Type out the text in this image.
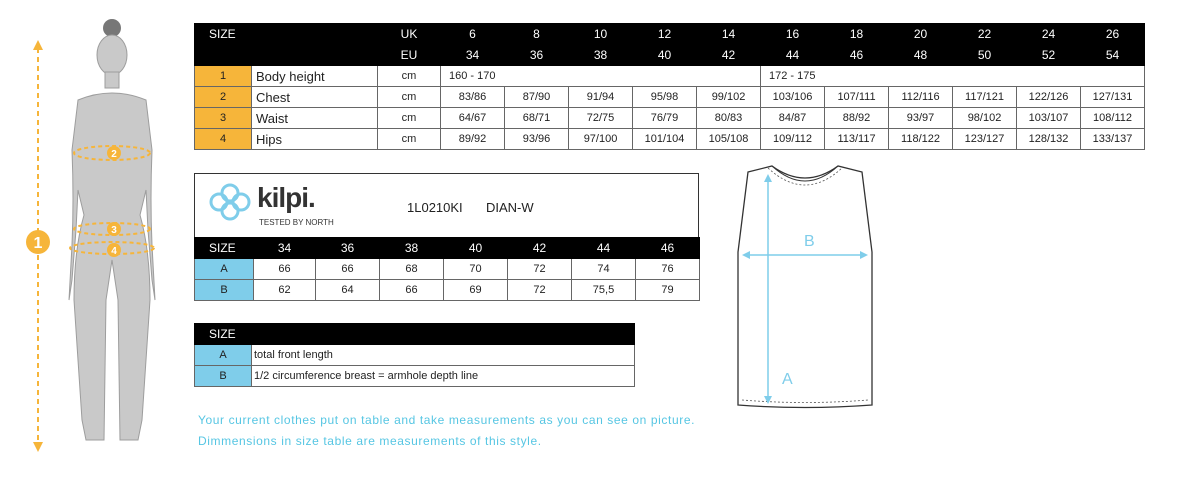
1
2
3
4
SIZE		UK	6	8	10	12	14	16	18	20	22	24	26
		EU	34	36	38	40	42	44	46	48	50	52	54
1	Body height	cm	160 - 170					172 - 175					
2	Chest	cm	83/86	87/90	91/94	95/98	99/102	103/106	107/111	112/116	117/121	122/126	127/131
3	Waist	cm	64/67	68/71	72/75	76/79	80/83	84/87	88/92	93/97	98/102	103/107	108/112
4	Hips	cm	89/92	93/96	97/100	101/104	105/108	109/112	113/117	118/122	123/127	128/132	133/137
kilpi.
TESTED BY NORTH
1L0210KI DIAN-W
SIZE	34	36	38	40	42	44	46
A	66	66	68	70	72	74	76
B	62	64	66	69	72	75,5	79
SIZE	
A	total front length
B	1/2 circumference breast = armhole depth line
Your current clothes put on table and take measurements as you can see on picture.
Dimmensions in size table are measurements of this style.
A
B
